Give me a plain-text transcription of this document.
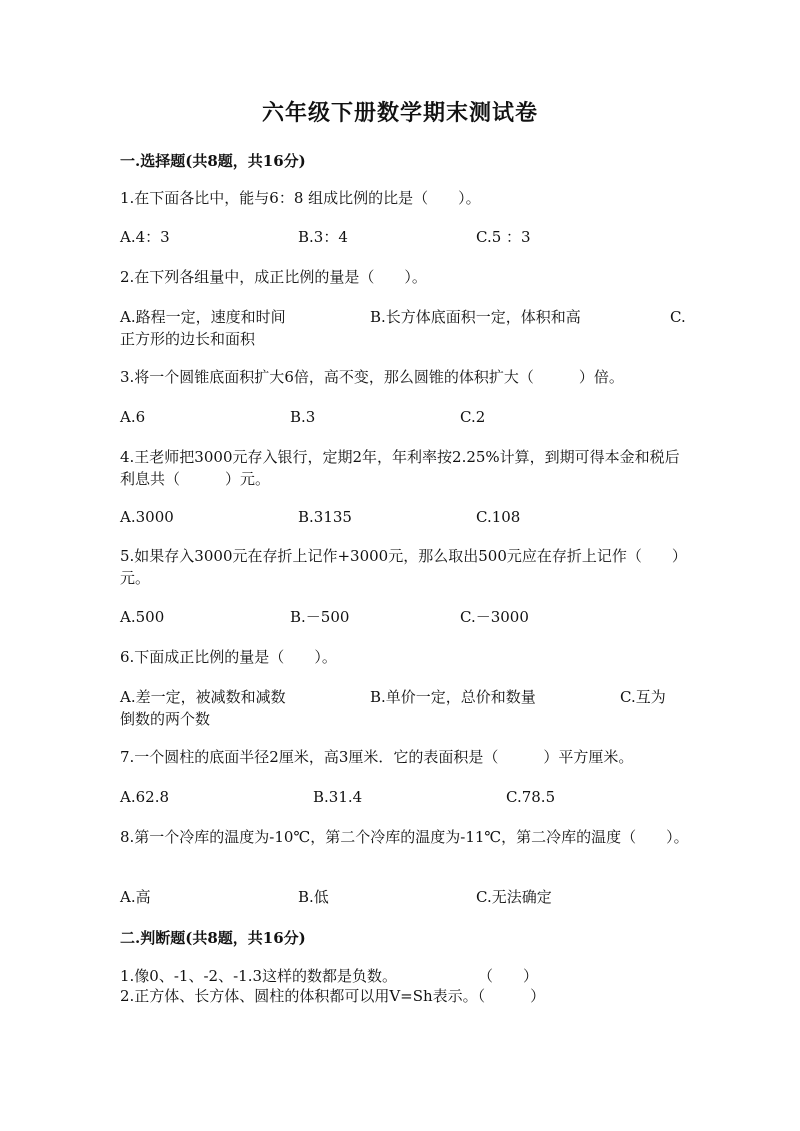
六年级下册数学期末测试卷
一.选择题(共8题，共16分)
1.在下面各比中，能与6：8 组成比例的比是（　　）。
A.4：3	B.3：4	C.5 ：3
2.在下列各组量中，成正比例的量是（　　）。
A.路程一定，速度和时间	B.长方体底面积一定，体积和高	C.
正方形的边长和面积
3.将一个圆锥底面积扩大6倍，高不变，那么圆锥的体积扩大（　　　）倍。
A.6	B.3	C.2
4.王老师把3000元存入银行，定期2年，年利率按2.25%计算，到期可得本金和税后利息共（　　　）元。
A.3000	B.3135	C.108
5.如果存入3000元在存折上记作+3000元，那么取出500元应在存折上记作（　　）元。
A.500	B.－500	C.－3000
6.下面成正比例的量是（　　）。
A.差一定，被减数和减数	B.单价一定，总价和数量	C.互为
倒数的两个数
7.一个圆柱的底面半径2厘米，高3厘米．它的表面积是（　　　）平方厘米。
A.62.8	B.31.4	C.78.5
8.第一个冷库的温度为-10℃，第二个冷库的温度为-11℃，第二冷库的温度（　　）。
A.高	B.低	C.无法确定
二.判断题(共8题，共16分)
1.像0、-1、-2、-1.3这样的数都是负数。	（　　）
2.正方体、长方体、圆柱的体积都可以用V=Sh表示。（　　　）
